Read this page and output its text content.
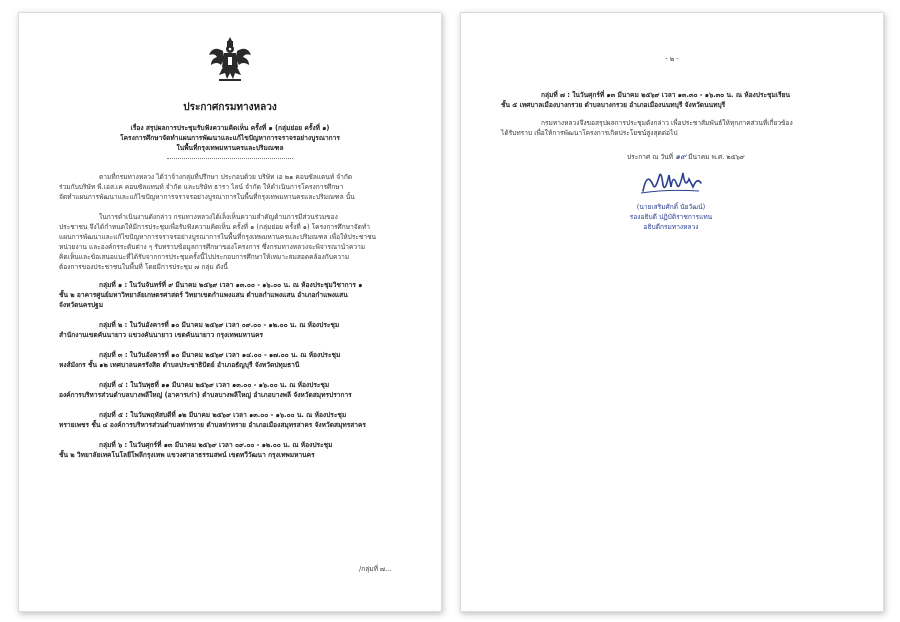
ประกาศกรมทางหลวง
เรื่อง สรุปผลการประชุมรับฟังความคิดเห็น ครั้งที่ ๑ (กลุ่มย่อย ครั้งที่ ๑)
โครงการศึกษาจัดทำแผนการพัฒนาและแก้ไขปัญหาการจราจรอย่างบูรณาการ
ในพื้นที่กรุงเทพมหานครและปริมณฑล
ตามที่กรมทางหลวง ได้ว่าจ้างกลุ่มที่ปรึกษา ประกอบด้วย บริษัท เอ ๒๑ คอนซัลแตนท์ จำกัด
ร่วมกับบริษัท พี.เอส.เค คอนซัลแทนท์ จำกัด และบริษัท ธารา ไลน์ จำกัด ให้ดำเนินการโครงการศึกษา
จัดทำแผนการพัฒนาและแก้ไขปัญหาการจราจรอย่างบูรณาการในพื้นที่กรุงเทพมหานครและปริมณฑล นั้น
ในการดำเนินงานดังกล่าว กรมทางหลวงได้เล็งเห็นความสำคัญด้านการมีส่วนร่วมของ
ประชาชน จึงได้กำหนดให้มีการประชุมเพื่อรับฟังความคิดเห็น ครั้งที่ ๑ (กลุ่มย่อย ครั้งที่ ๑) โครงการศึกษาจัดทำ
แผนการพัฒนาและแก้ไขปัญหาการจราจรอย่างบูรณาการในพื้นที่กรุงเทพมหานครและปริมณฑล เพื่อให้ประชาชน
หน่วยงาน และองค์กรระดับต่าง ๆ รับทราบข้อมูลการศึกษาของโครงการ ซึ่งกรมทางหลวงจะพิจารณานำความ
คิดเห็นและข้อเสนอแนะที่ได้รับจากการประชุมครั้งนี้ไปประกอบการศึกษาให้เหมาะสมสอดคล้องกับความ
ต้องการของประชาชนในพื้นที่ โดยมีการประชุม ๗ กลุ่ม ดังนี้
กลุ่มที่ ๑ : ในวันจันทร์ที่ ๙ มีนาคม ๒๕๖๙ เวลา ๑๓.๐๐ - ๑๖.๐๐ น. ณ ห้องประชุมวิชาการ ๑
ชั้น ๒ อาคารศูนย์มหาวิทยาลัยเกษตรศาสตร์ วิทยาเขตกำแพงแสน ตำบลกำแพงแสน อำเภอกำแพงแสน
จังหวัดนครปฐม
กลุ่มที่ ๒ : ในวันอังคารที่ ๑๐ มีนาคม ๒๕๖๙ เวลา ๐๙.๐๐ - ๑๒.๐๐ น. ณ ห้องประชุม
สำนักงานเขตคันนายาว แขวงคันนายาว เขตคันนายาว กรุงเทพมหานคร
กลุ่มที่ ๓ : ในวันอังคารที่ ๑๐ มีนาคม ๒๕๖๙ เวลา ๑๔.๐๐ - ๑๗.๐๐ น. ณ ห้องประชุม
หงส์มังกร ชั้น ๑๒ เทศบาลนครรังสิต ตำบลประชาธิปัตย์ อำเภอธัญบุรี จังหวัดปทุมธานี
กลุ่มที่ ๔ : ในวันพุธที่ ๑๑ มีนาคม ๒๕๖๙ เวลา ๑๓.๐๐ - ๑๖.๐๐ น. ณ ห้องประชุม
องค์การบริหารส่วนตำบลบางพลีใหญ่ (อาคารเก่า) ตำบลบางพลีใหญ่ อำเภอบางพลี จังหวัดสมุทรปราการ
กลุ่มที่ ๕ : ในวันพฤหัสบดีที่ ๑๒ มีนาคม ๒๕๖๙ เวลา ๑๓.๐๐ - ๑๖.๐๐ น. ณ ห้องประชุม
ทรายเพชร ชั้น ๔ องค์การบริหารส่วนตำบลท่าทราย ตำบลท่าทราย อำเภอเมืองสมุทรสาคร จังหวัดสมุทรสาคร
กลุ่มที่ ๖ : ในวันศุกร์ที่ ๑๓ มีนาคม ๒๕๖๙ เวลา ๐๙.๐๐ - ๑๒.๐๐ น. ณ ห้องประชุม
ชั้น ๒ วิทยาลัยเทคโนโลยีโพลีกรุงเทพ แขวงศาลาธรรมสพน์ เขตทวีวัฒนา กรุงเทพมหานคร
/กลุ่มที่ ๗...
- ๒ -
กลุ่มที่ ๗ : ในวันศุกร์ที่ ๑๓ มีนาคม ๒๕๖๙ เวลา ๑๓.๓๐ - ๑๖.๓๐ น. ณ ห้องประชุมเรียน
ชั้น ๕ เทศบาลเมืองบางกรวย ตำบลบางกรวย อำเภอเมืองนนทบุรี จังหวัดนนทบุรี
กรมทางหลวงจึงขอสรุปผลการประชุมดังกล่าว เพื่อประชาสัมพันธ์ให้ทุกภาคส่วนที่เกี่ยวข้อง
ได้รับทราบ เพื่อให้การพัฒนาโครงการเกิดประโยชน์สูงสุดต่อไป
ประกาศ ณ วันที่ ๑๙ มีนาคม พ.ศ. ๒๕๖๙
(นายเสริมศักดิ์ นัยวัฒน์)
รองอธิบดี ปฏิบัติราชการแทน
อธิบดีกรมทางหลวง
